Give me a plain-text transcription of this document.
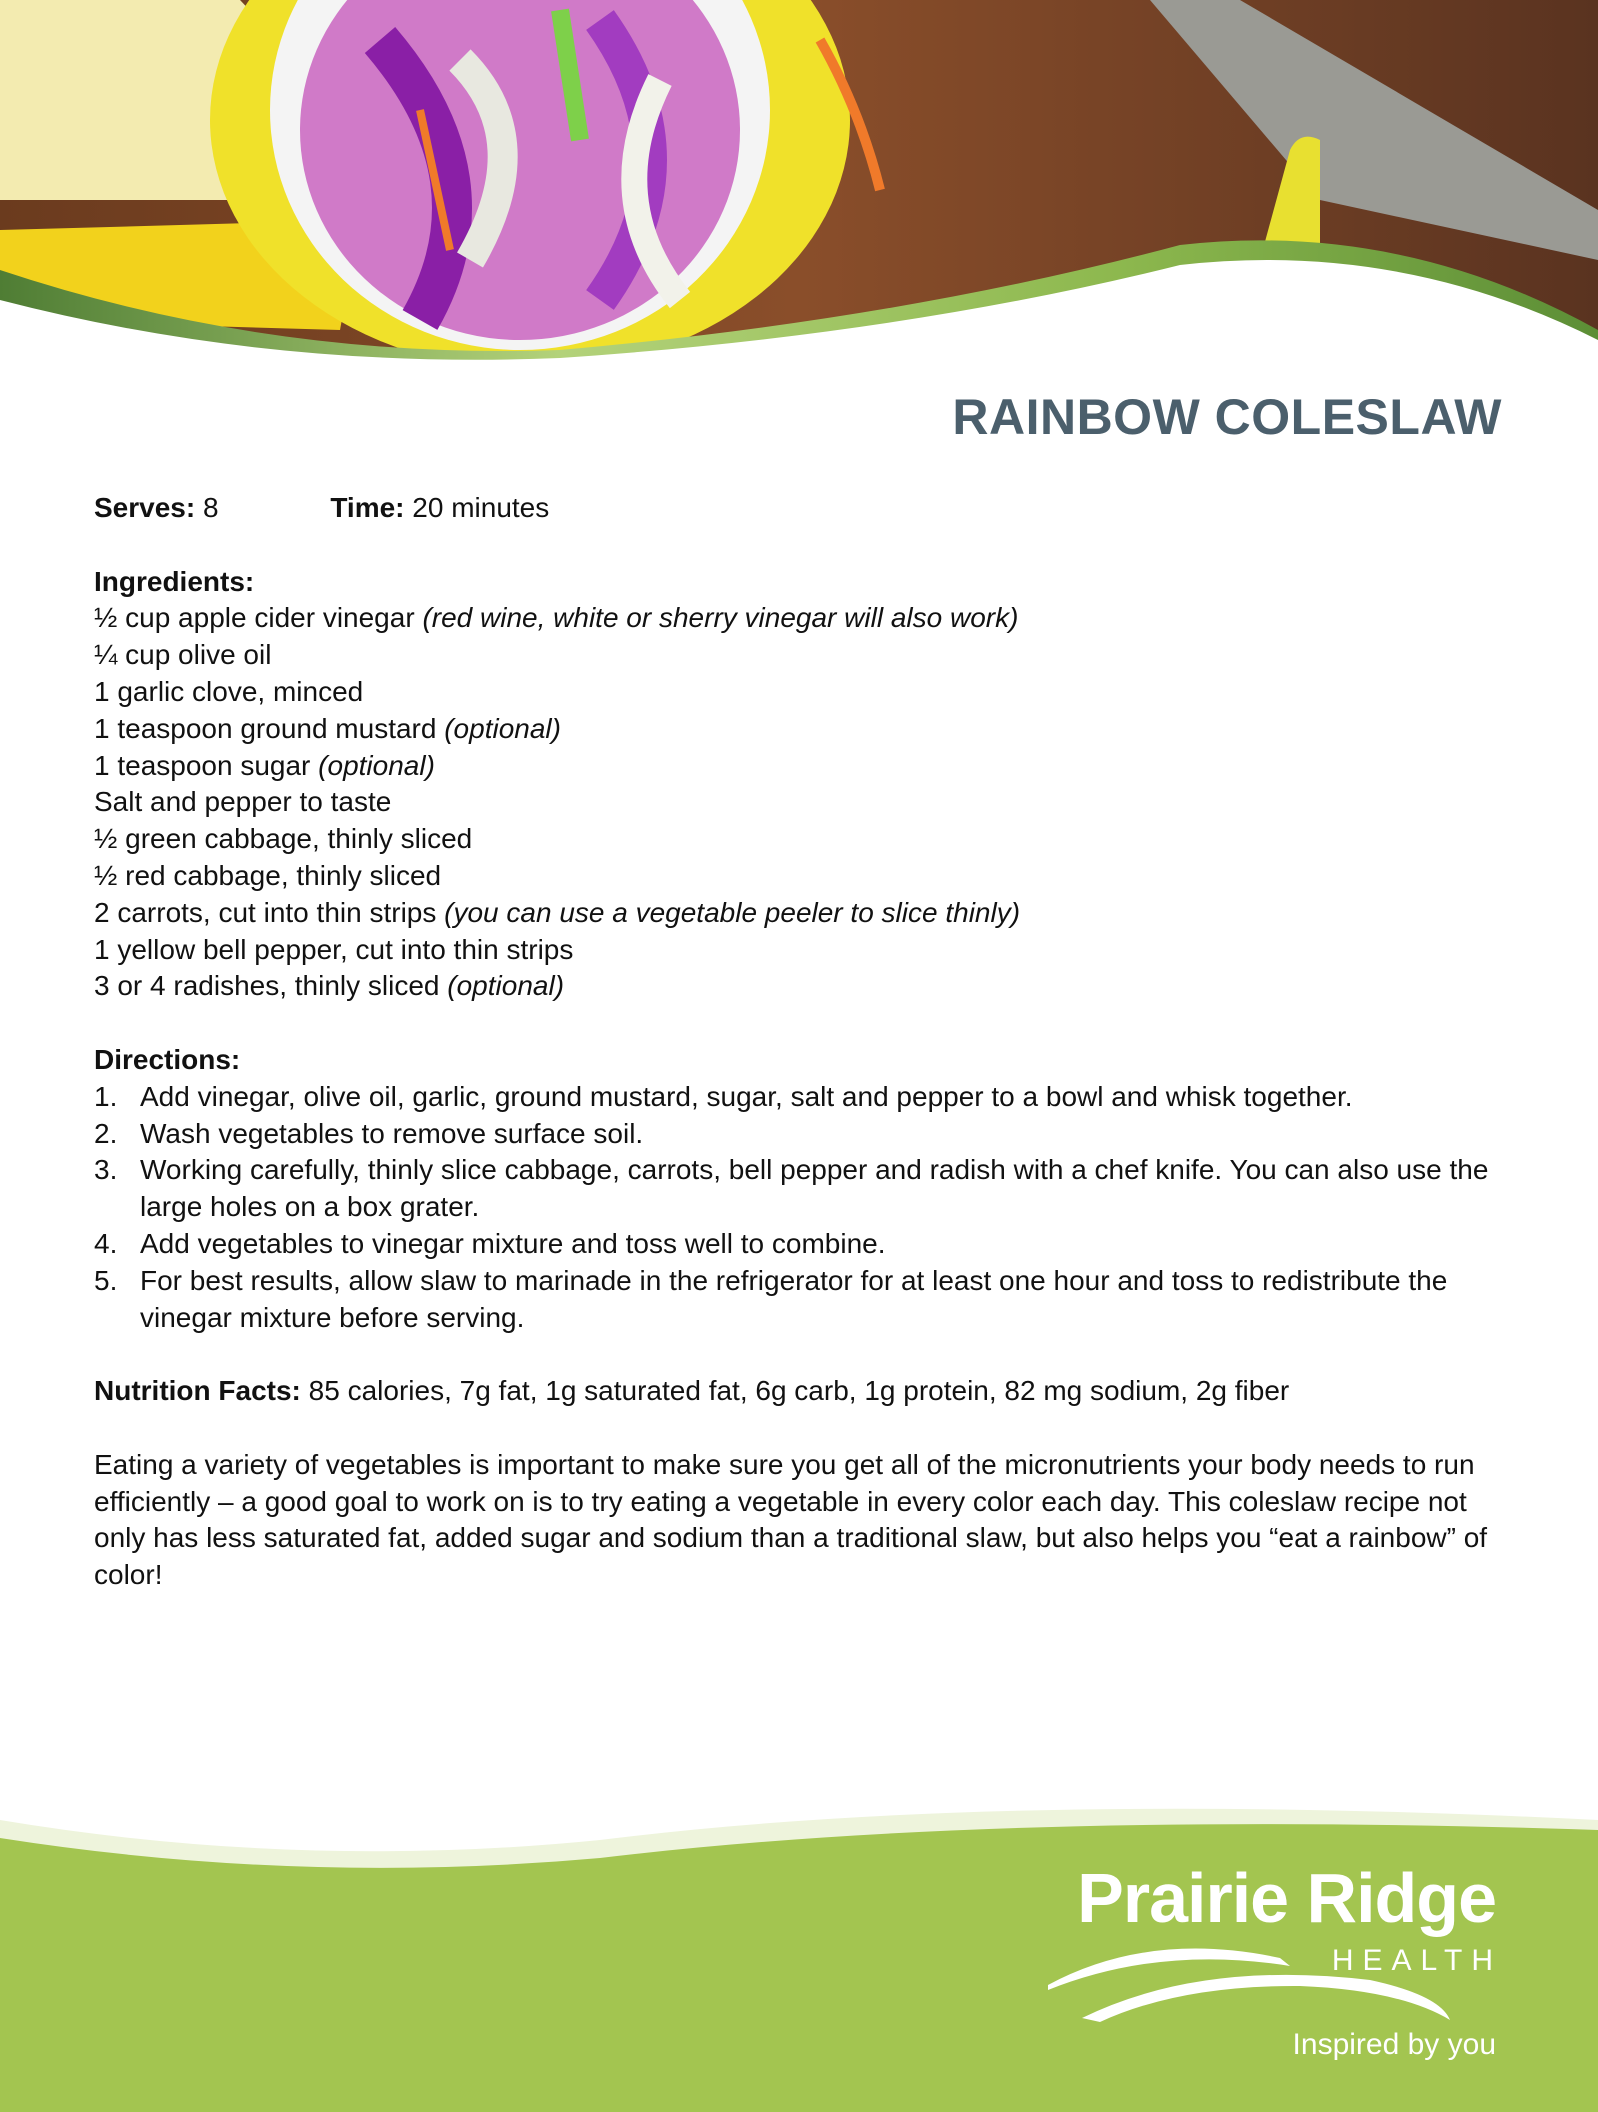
RAINBOW COLESLAW

Serves: 8	Time: 20 minutes

Ingredients:

½ cup apple cider vinegar (red wine, white or sherry vinegar will also work)

¼ cup olive oil

1 garlic clove, minced

1 teaspoon ground mustard (optional)

1 teaspoon sugar (optional)

Salt and pepper to taste

½ green cabbage, thinly sliced

½ red cabbage, thinly sliced

2 carrots, cut into thin strips (you can use a vegetable peeler to slice thinly)

1 yellow bell pepper, cut into thin strips

3 or 4 radishes, thinly sliced (optional)

Directions:

1. Add vinegar, olive oil, garlic, ground mustard, sugar, salt and pepper to a bowl and whisk together.
2. Wash vegetables to remove surface soil.
3. Working carefully, thinly slice cabbage, carrots, bell pepper and radish with a chef knife. You can also use the large holes on a box grater.
4. Add vegetables to vinegar mixture and toss well to combine.
5. For best results, allow slaw to marinade in the refrigerator for at least one hour and toss to redistribute the vinegar mixture before serving.

Nutrition Facts: 85 calories, 7g fat, 1g saturated fat, 6g carb, 1g protein, 82 mg sodium, 2g fiber

Eating a variety of vegetables is important to make sure you get all of the micronutrients your body needs to run efficiently – a good goal to work on is to try eating a vegetable in every color each day. This coleslaw recipe not only has less saturated fat, added sugar and sodium than a traditional slaw, but also helps you “eat a rainbow” of color!

Prairie Ridge
HEALTH
Inspired by you
